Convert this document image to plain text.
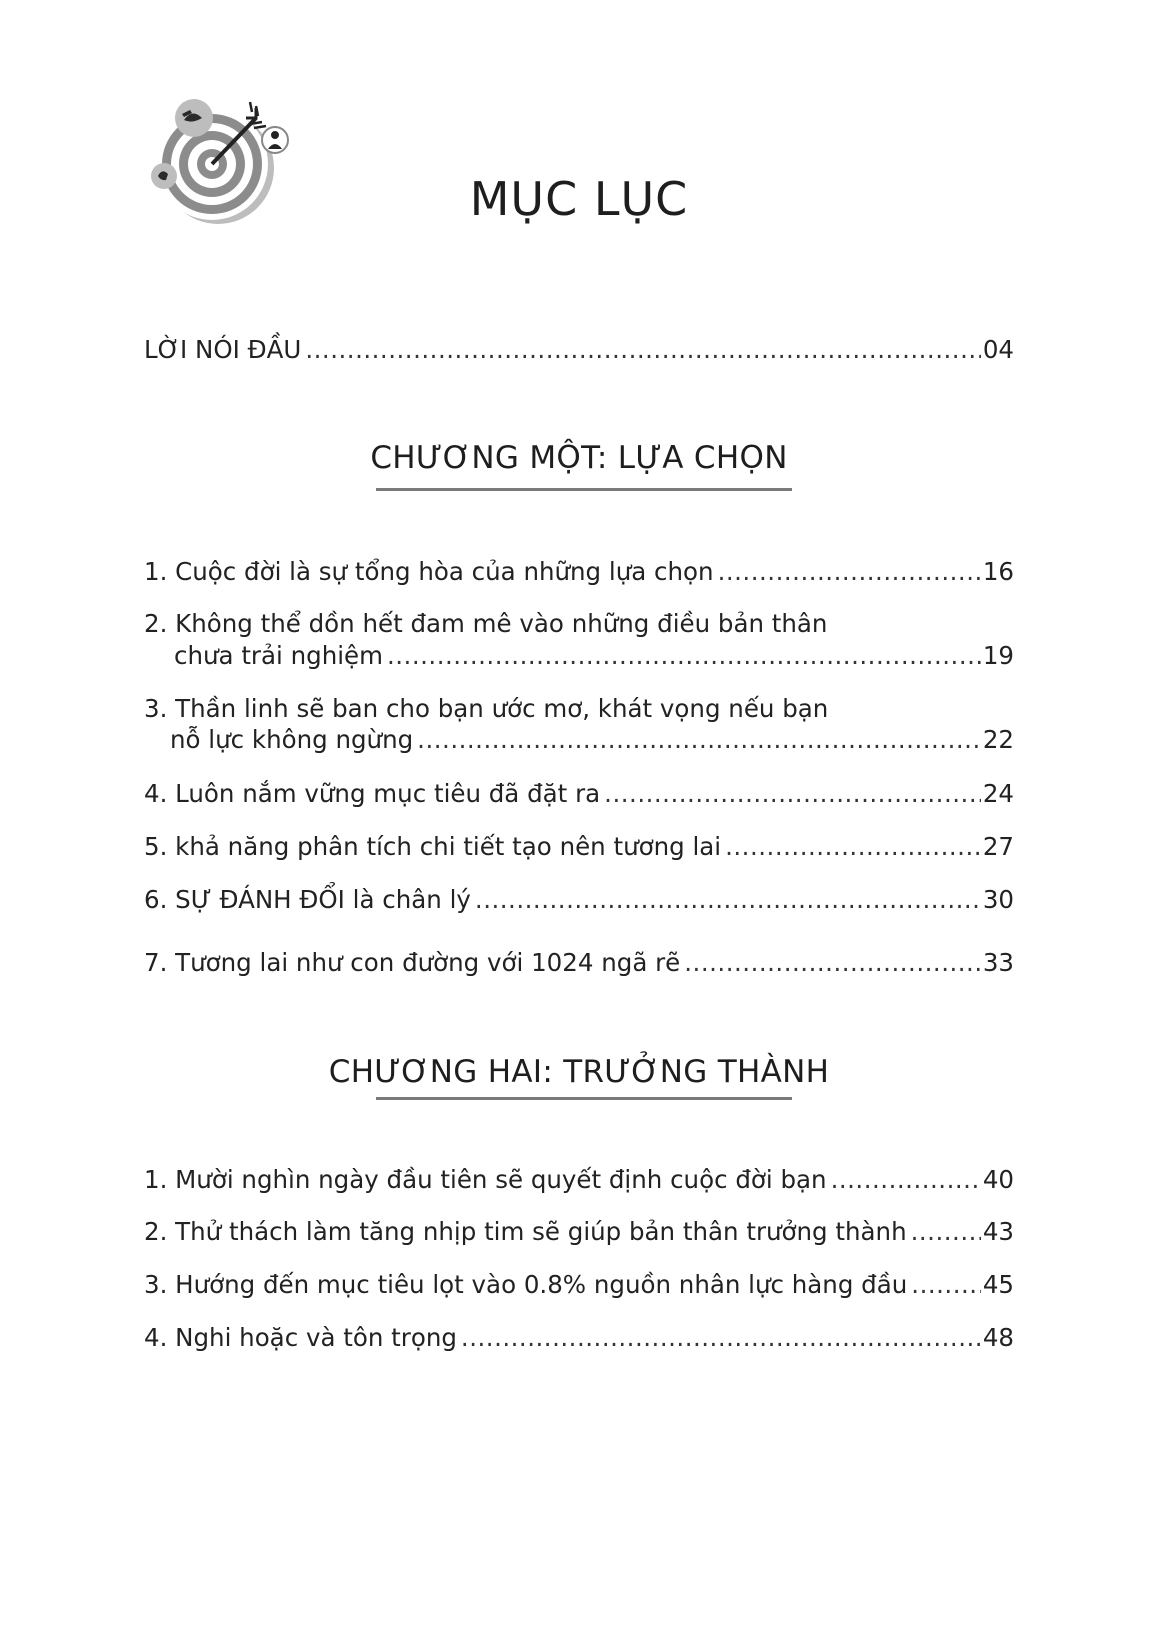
MỤC LỤC
LỜI NÓI ĐẦU .....	04
CHƯƠNG MỘT: LỰA CHỌN
1. Cuộc đời là sự tổng hòa của những lựa chọn .....	16
2. Không thể dồn hết đam mê vào những điều bản thân
chưa trải nghiệm .....	19
3. Thần linh sẽ ban cho bạn ước mơ, khát vọng nếu bạn
nỗ lực không ngừng .....	22
4. Luôn nắm vững mục tiêu đã đặt ra .....	24
5. khả năng phân tích chi tiết tạo nên tương lai .....	27
6. SỰ ĐÁNH ĐỔI là chân lý .....	30
7. Tương lai như con đường với 1024 ngã rẽ .....	33
CHƯƠNG HAI: TRƯỞNG THÀNH
1. Mười nghìn ngày đầu tiên sẽ quyết định cuộc đời bạn .....	40
2. Thử thách làm tăng nhịp tim sẽ giúp bản thân trưởng thành .....	43
3. Hướng đến mục tiêu lọt vào 0.8% nguồn nhân lực hàng đầu .....	45
4. Nghi hoặc và tôn trọng .....	48
